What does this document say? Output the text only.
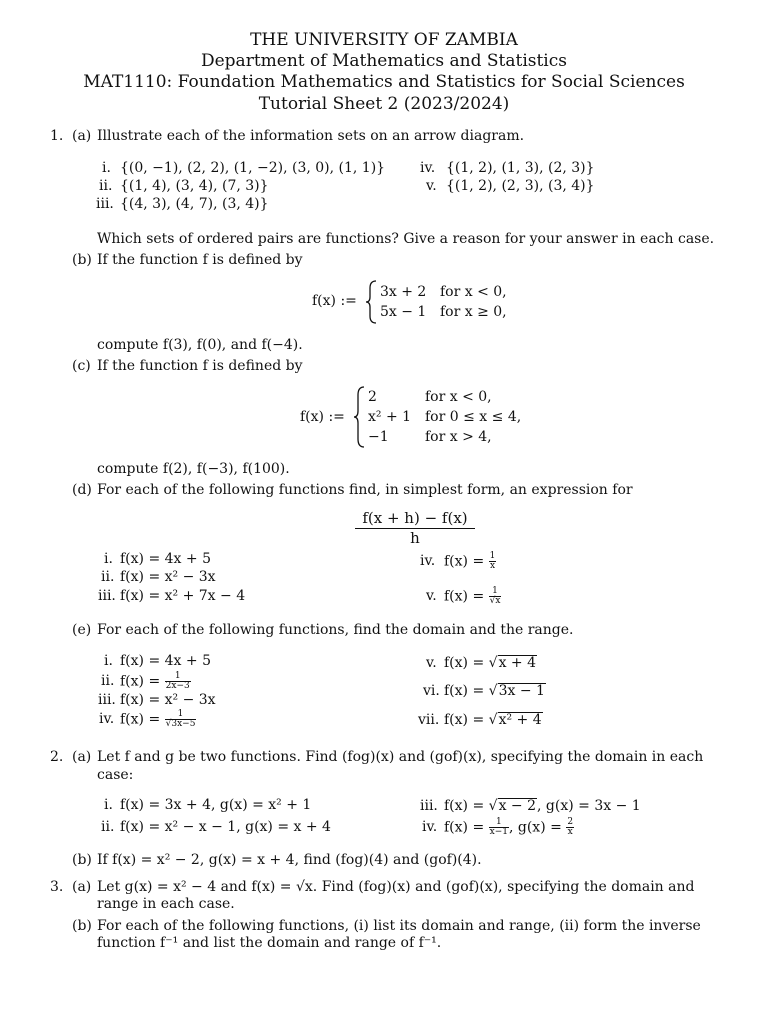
THE UNIVERSITY OF ZAMBIA
Department of Mathematics and Statistics
MAT1110: Foundation Mathematics and Statistics for Social Sciences
Tutorial Sheet 2 (2023/2024)
1. (a) Illustrate each of the information sets on an arrow diagram.
i. {(0, −1), (2, 2), (1, −2), (3, 0), (1, 1)}
ii. {(1, 4), (3, 4), (7, 3)}
iii. {(4, 3), (4, 7), (3, 4)}
iv. {(1, 2), (1, 3), (2, 3)}
v. {(1, 2), (2, 3), (3, 4)}
Which sets of ordered pairs are functions? Give a reason for your answer in each case.
(b) If the function f is defined by
f(x) :=
3x + 2 for x < 0,
5x − 1 for x ≥ 0,
compute f(3), f(0), and f(−4).
(c) If the function f is defined by
f(x) :=
2	for x < 0,
x² + 1 for 0 ≤ x ≤ 4,
−1	for x > 4,
compute f(2), f(−3), f(100).
(d) For each of the following functions find, in simplest form, an expression for
$\frac{f(x + h) - f(x)}{h}$
i. f(x) = 4x + 5
ii. f(x) = x² − 3x
iii. f(x) = x² + 7x − 4
iv. $f(x) = \frac{1}{x}$
v. $f(x) = \frac{1}{√x}$
(e) For each of the following functions, find the domain and the range.
i. f(x) = 4x + 5
ii. $f(x) = \frac{1}{2x-3}$
iii. f(x) = x² − 3x
iv. $f(x) = \frac{1}{√3x-5}$
v. f(x) = √x + 4
vi. f(x) = √3x − 1
vii. f(x) = √x² + 4
2. (a) Let f and g be two functions. Find (fog)(x) and (gof)(x), specifying the domain in each
case:
i. f(x) = 3x + 4, g(x) = x² + 1
ii. f(x) = x² − x − 1, g(x) = x + 4
iii. f(x) = √x − 2, g(x) = 3x − 1
iv. $f(x) = \frac{1}{x-1}$ , $g(x) = \frac{2}{x}$
(b) If f(x) = x² − 2, g(x) = x + 4, find (fog)(4) and (gof)(4).
3. (a) Let g(x) = x² − 4 and f(x) = √x. Find (fog)(x) and (gof)(x), specifying the domain and
range in each case.
(b) For each of the following functions, (i) list its domain and range, (ii) form the inverse
function f⁻¹ and list the domain and range of f⁻¹.
